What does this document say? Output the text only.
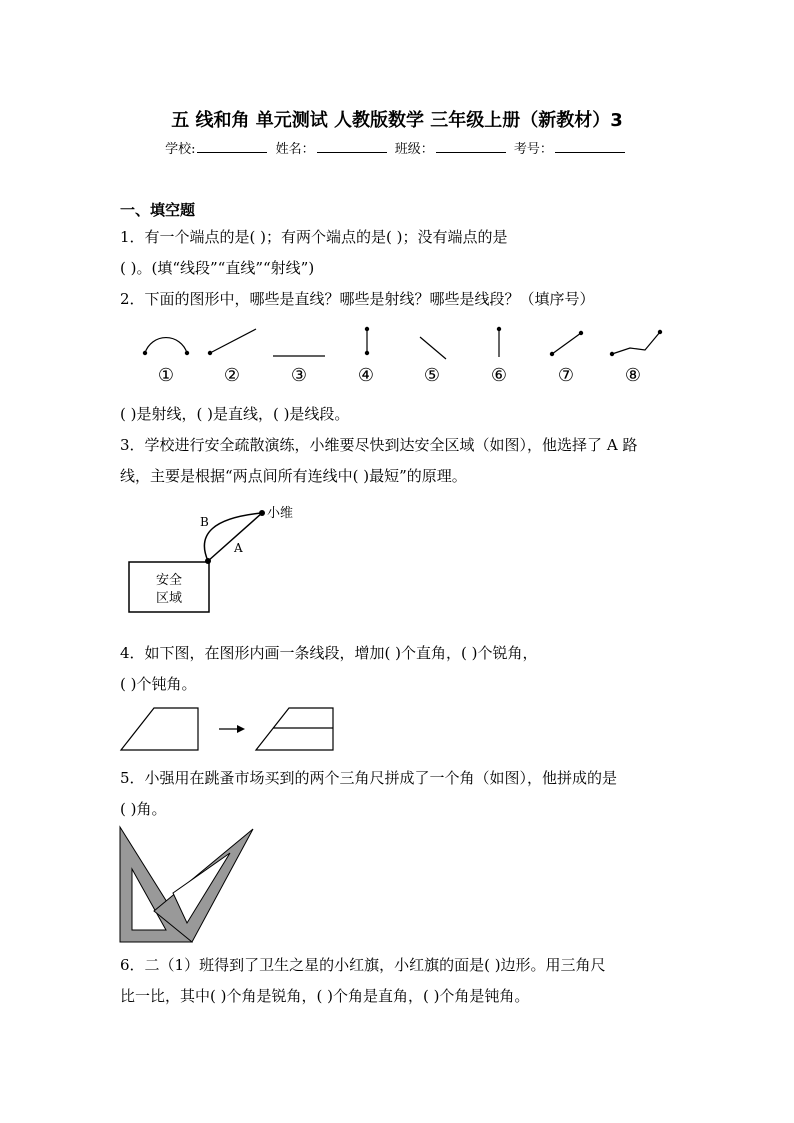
五 线和角 单元测试 人教版数学 三年级上册（新教材）3
学校:	姓名：	班级：	考号：
一、填空题
1．有一个端点的是( )；有两个端点的是( )；没有端点的是
( )。(填“线段”“直线”“射线”)
2．下面的图形中，哪些是直线？哪些是射线？哪些是线段？（填序号）
①	②	③	④	⑤	⑥	⑦	⑧
( )是射线，( )是直线，( )是线段。
3．学校进行安全疏散演练，小维要尽快到达安全区域（如图），他选择了 A 路
线，主要是根据“两点间所有连线中( )最短”的原理。
小维
B
A
安全
区域
4．如下图，在图形内画一条线段，增加( )个直角，( )个锐角，
( )个钝角。
5．小强用在跳蚤市场买到的两个三角尺拼成了一个角（如图），他拼成的是
( )角。
6．二（1）班得到了卫生之星的小红旗，小红旗的面是( )边形。用三角尺
比一比，其中( )个角是锐角，( )个角是直角，( )个角是钝角。
